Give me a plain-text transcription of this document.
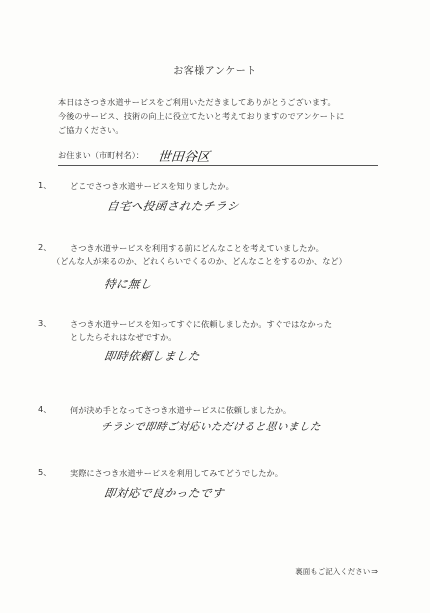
お客様アンケート
本日はさつき水道サービスをご利用いただきましてありがとうございます。
今後のサービス、技術の向上に役立てたいと考えておりますのでアンケートに
ご協力ください。
お住まい（市町村名）： 世田谷区
1、 どこでさつき水道サービスを知りましたか。
自宅へ投函されたチラシ
2、 さつき水道サービスを利用する前にどんなことを考えていましたか。
（どんな人が来るのか、どれくらいでくるのか、どんなことをするのか、など）
特に無し
3、 さつき水道サービスを知ってすぐに依頼しましたか。すぐではなかった
としたらそれはなぜですか。
即時依頼しました
4、 何が決め手となってさつき水道サービスに依頼しましたか。
チラシで即時ご対応いただけると思いました
5、 実際にさつき水道サービスを利用してみてどうでしたか。
即対応で良かったです
裏面もご記入ください⇒
